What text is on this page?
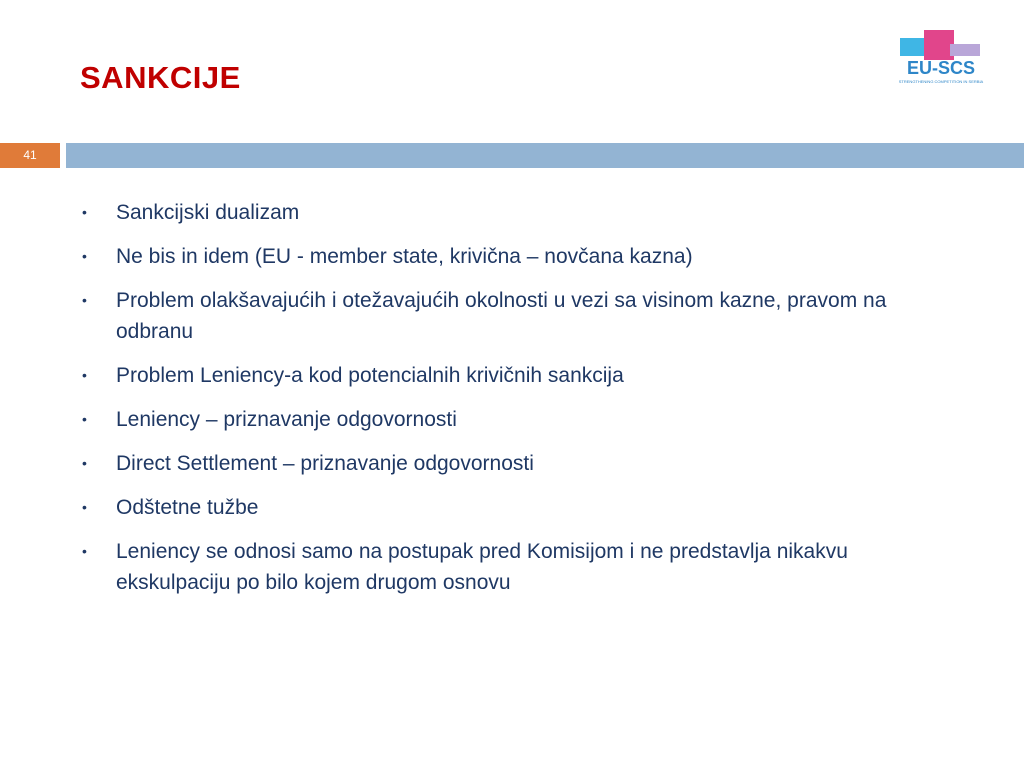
SANKCIJE	EU-SCS
STRENGTHENING COMPETITION IN SERBIA
41
• Sankcijski dualizam
• Ne bis in idem (EU - member state, krivična – novčana kazna)
• Problem olakšavajućih i otežavajućih okolnosti u vezi sa visinom kazne, pravom na odbranu
• Problem Leniency-a kod potencialnih krivičnih sankcija
• Leniency – priznavanje odgovornosti
• Direct Settlement – priznavanje odgovornosti
• Odštetne tužbe
• Leniency se odnosi samo na postupak pred Komisijom i ne predstavlja nikakvu ekskulpaciju po bilo kojem drugom osnovu
